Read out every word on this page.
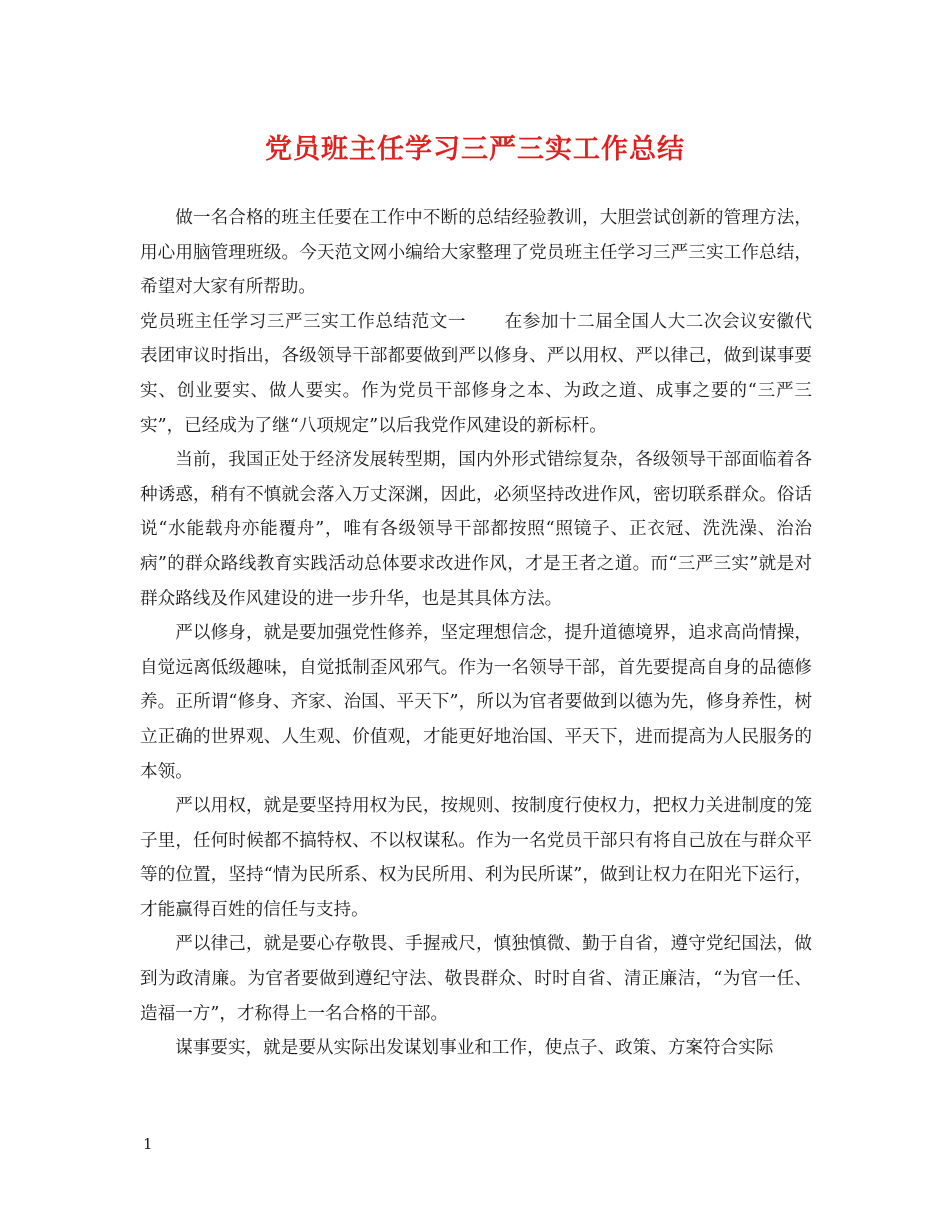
党员班主任学习三严三实工作总结

做一名合格的班主任要在工作中不断的总结经验教训，大胆尝试创新的管理方法，用心用脑管理班级。今天范文网小编给大家整理了党员班主任学习三严三实工作总结，希望对大家有所帮助。

党员班主任学习三严三实工作总结范文一 在参加十二届全国人大二次会议安徽代表团审议时指出，各级领导干部都要做到严以修身、严以用权、严以律己，做到谋事要实、创业要实、做人要实。作为党员干部修身之本、为政之道、成事之要的“三严三实”，已经成为了继“八项规定”以后我党作风建设的新标杆。

当前，我国正处于经济发展转型期，国内外形式错综复杂，各级领导干部面临着各种诱惑，稍有不慎就会落入万丈深渊，因此，必须坚持改进作风，密切联系群众。俗话说“水能载舟亦能覆舟”，唯有各级领导干部都按照“照镜子、正衣冠、洗洗澡、治治病”的群众路线教育实践活动总体要求改进作风，才是王者之道。而“三严三实”就是对群众路线及作风建设的进一步升华，也是其具体方法。

严以修身，就是要加强党性修养，坚定理想信念，提升道德境界，追求高尚情操，自觉远离低级趣味，自觉抵制歪风邪气。作为一名领导干部，首先要提高自身的品德修养。正所谓“修身、齐家、治国、平天下”，所以为官者要做到以德为先，修身养性，树立正确的世界观、人生观、价值观，才能更好地治国、平天下，进而提高为人民服务的本领。

严以用权，就是要坚持用权为民，按规则、按制度行使权力，把权力关进制度的笼子里，任何时候都不搞特权、不以权谋私。作为一名党员干部只有将自己放在与群众平等的位置，坚持“情为民所系、权为民所用、利为民所谋”，做到让权力在阳光下运行，才能赢得百姓的信任与支持。

严以律己，就是要心存敬畏、手握戒尺，慎独慎微、勤于自省，遵守党纪国法，做到为政清廉。为官者要做到遵纪守法、敬畏群众、时时自省、清正廉洁，“为官一任、造福一方”，才称得上一名合格的干部。

谋事要实，就是要从实际出发谋划事业和工作，使点子、政策、方案符合实际

1
